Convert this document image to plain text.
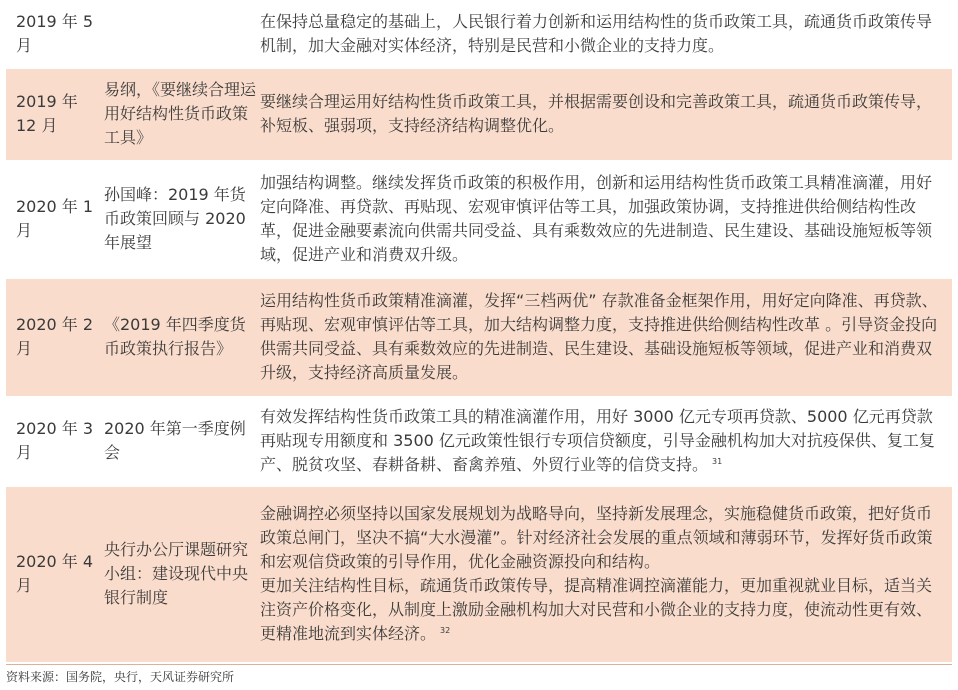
2019 年 5 月		在保持总量稳定的基础上，人民银行着力创新和运用结构性的货币政策工具，疏通货币政策传导机制，加大金融对实体经济，特别是民营和小微企业的支持力度。

2019 年 12 月	易纲，《要继续合理运用好结构性货币政策工具》	要继续合理运用好结构性货币政策工具，并根据需要创设和完善政策工具，疏通货币政策传导，补短板、强弱项，支持经济结构调整优化。

2020 年 1 月	孙国峰：2019 年货币政策回顾与 2020 年展望	加强结构调整。继续发挥货币政策的积极作用，创新和运用结构性货币政策工具精准滴灌，用好定向降准、再贷款、再贴现、宏观审慎评估等工具，加强政策协调，支持推进供给侧结构性改革，促进金融要素流向供需共同受益、具有乘数效应的先进制造、民生建设、基础设施短板等领域，促进产业和消费双升级。

2020 年 2 月	《2019 年四季度货币政策执行报告》	运用结构性货币政策精准滴灌，发挥“三档两优” 存款准备金框架作用，用好定向降准、再贷款、再贴现、宏观审慎评估等工具，加大结构调整力度，支持推进供给侧结构性改革 。引导资金投向供需共同受益、具有乘数效应的先进制造、民生建设、基础设施短板等领域，促进产业和消费双升级，支持经济高质量发展。

2020 年 3 月	2020 年第一季度例会	有效发挥结构性货币政策工具的精准滴灌作用，用好 3000 亿元专项再贷款、5000 亿元再贷款再贴现专用额度和 3500 亿元政策性银行专项信贷额度，引导金融机构加大对抗疫保供、复工复产、脱贫攻坚、春耕备耕、畜禽养殖、外贸行业等的信贷支持。 $^{31}$

2020 年 4 月	央行办公厅课题研究小组：建设现代中央银行制度	金融调控必须坚持以国家发展规划为战略导向，坚持新发展理念，实施稳健货币政策，把好货币政策总闸门，坚决不搞“大水漫灌”。针对经济社会发展的重点领域和薄弱环节，发挥好货币政策和宏观信贷政策的引导作用，优化金融资源投向和结构。
更加关注结构性目标，疏通货币政策传导，提高精准调控滴灌能力，更加重视就业目标，适当关注资产价格变化，从制度上激励金融机构加大对民营和小微企业的支持力度，使流动性更有效、更精准地流到实体经济。 $^{32}$
资料来源：国务院，央行，天风证券研究所
